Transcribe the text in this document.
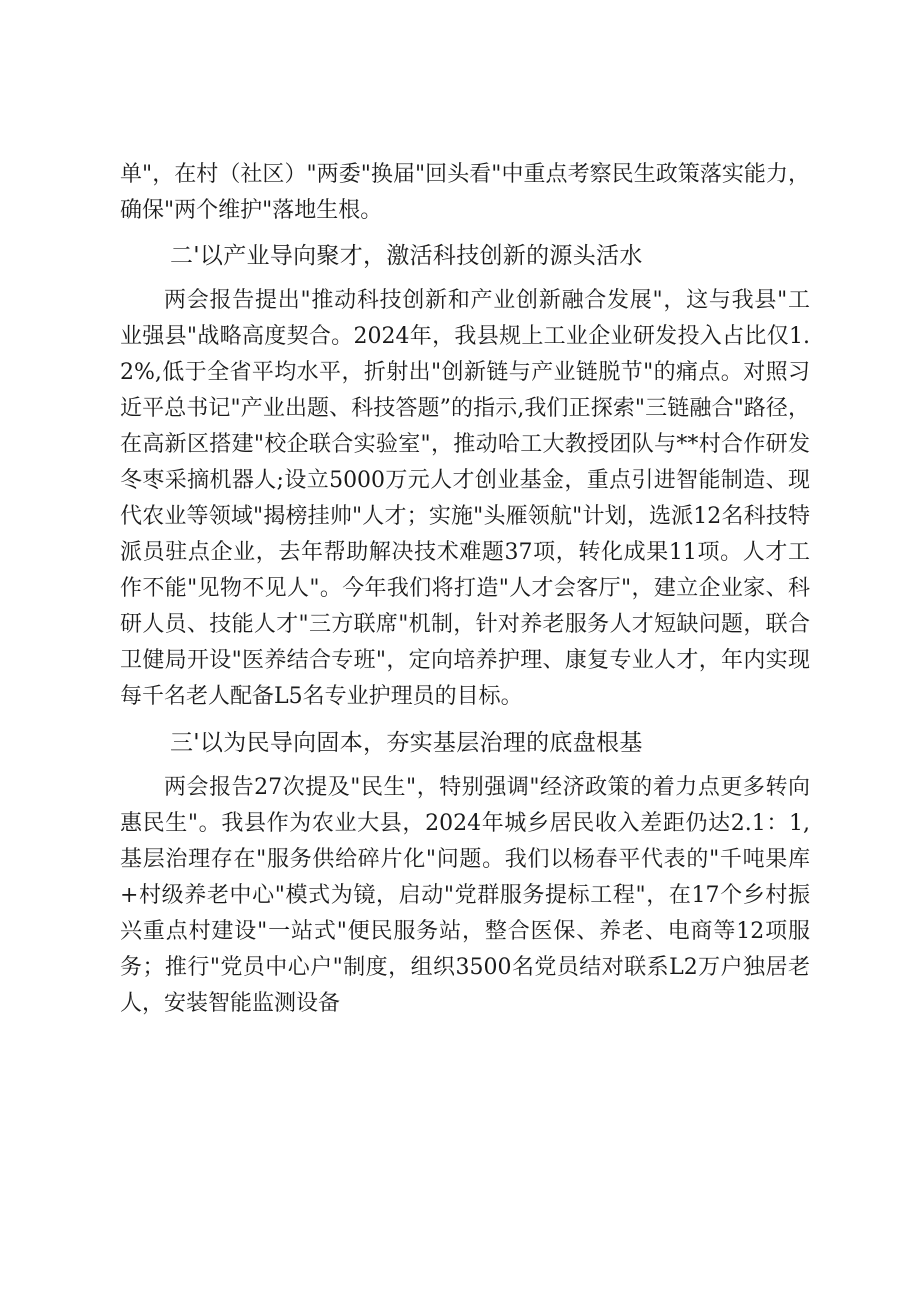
单"，在村（社区）"两委"换届"回头看"中重点考察民生政策落实能力，确保"两个维护"落地生根。

二'以产业导向聚才，激活科技创新的源头活水

两会报告提出"推动科技创新和产业创新融合发展"，这与我县"工业强县"战略高度契合。2024年，我县规上工业企业研发投入占比仅1.2%,低于全省平均水平，折射出"创新链与产业链脱节"的痛点。对照习近平总书记"产业出题、科技答题”的指示,我们正探索"三链融合"路径，在高新区搭建"校企联合实验室"，推动哈工大教授团队与**村合作研发冬枣采摘机器人;设立5000万元人才创业基金，重点引进智能制造、现代农业等领域"揭榜挂帅"人才；实施"头雁领航"计划，选派12名科技特派员驻点企业，去年帮助解决技术难题37项，转化成果11项。人才工作不能"见物不见人"。今年我们将打造"人才会客厅"，建立企业家、科研人员、技能人才"三方联席"机制，针对养老服务人才短缺问题，联合卫健局开设"医养结合专班"，定向培养护理、康复专业人才，年内实现每千名老人配备L5名专业护理员的目标。

三'以为民导向固本，夯实基层治理的底盘根基

两会报告27次提及"民生"，特别强调"经济政策的着力点更多转向惠民生"。我县作为农业大县，2024年城乡居民收入差距仍达2.1：1,基层治理存在"服务供给碎片化"问题。我们以杨春平代表的"千吨果库+村级养老中心"模式为镜，启动"党群服务提标工程"，在17个乡村振兴重点村建设"一站式"便民服务站，整合医保、养老、电商等12项服务；推行"党员中心户"制度，组织3500名党员结对联系L2万户独居老人，安装智能监测设备
